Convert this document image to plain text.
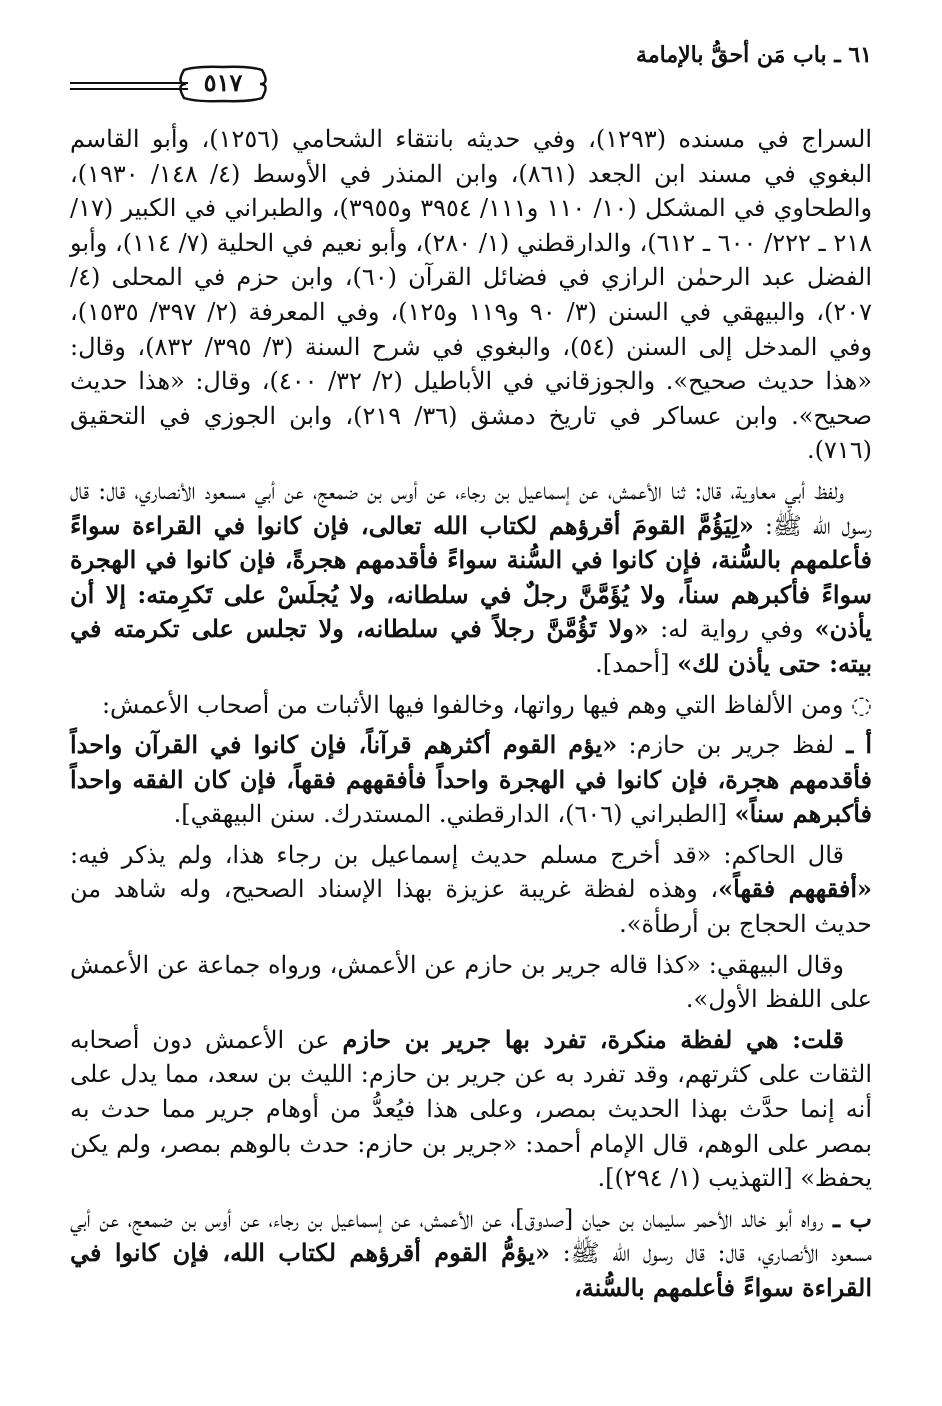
٦١ ـ باب مَن أحقُّ بالإمامة
٥١٧

السراج في مسنده (١٢٩٣)، وفي حديثه بانتقاء الشحامي (١٢٥٦)، وأبو القاسم البغوي في مسند ابن الجعد (٨٦١)، وابن المنذر في الأوسط (٤/ ١٤٨/ ١٩٣٠)، والطحاوي في المشكل (١٠/ ١١٠ و١١١/ ٣٩٥٤ و٣٩٥٥)، والطبراني في الكبير (١٧/ ٢١٨ ـ ٢٢٢/ ٦٠٠ ـ ٦١٢)، والدارقطني (١/ ٢٨٠)، وأبو نعيم في الحلية (٧/ ١١٤)، وأبو الفضل عبد الرحمٰن الرازي في فضائل القرآن (٦٠)، وابن حزم في المحلى (٤/ ٢٠٧)، والبيهقي في السنن (٣/ ٩٠ و١١٩ و١٢٥)، وفي المعرفة (٢/ ٣٩٧/ ١٥٣٥)، وفي المدخل إلى السنن (٥٤)، والبغوي في شرح السنة (٣/ ٣٩٥/ ٨٣٢)، وقال: «هذا حديث صحيح». والجوزقاني في الأباطيل (٢/ ٣٢/ ٤٠٠)، وقال: «هذا حديث صحيح». وابن عساكر في تاريخ دمشق (٣٦/ ٢١٩)، وابن الجوزي في التحقيق (٧١٦).

ولفظ أبي معاوية، قال: ثنا الأعمش، عن إسماعيل بن رجاء، عن أوس بن ضمعج، عن أبي مسعود الأنصاري، قال: قال رسول الله ﷺ: «لِيَؤُمَّ القومَ أقرؤهم لكتاب الله تعالى، فإن كانوا في القراءة سواءً فأعلمهم بالسُّنة، فإن كانوا في السُّنة سواءً فأقدمهم هجرةً، فإن كانوا في الهجرة سواءً فأكبرهم سناً، ولا يُؤَمَّنَّ رجلٌ في سلطانه، ولا يُجلَسْ على تَكرِمته: إلا أن يأذن» وفي رواية له: «ولا تَؤُمَّنَّ رجلاً في سلطانه، ولا تجلس على تكرمته في بيته: حتى يأذن لك» [أحمد].

◌ ومن الألفاظ التي وهم فيها رواتها، وخالفوا فيها الأثبات من أصحاب الأعمش:

أ ـ لفظ جرير بن حازم: «يؤم القوم أكثرهم قرآناً، فإن كانوا في القرآن واحداً فأقدمهم هجرة، فإن كانوا في الهجرة واحداً فأفقههم فقهاً، فإن كان الفقه واحداً فأكبرهم سناً» [الطبراني (٦٠٦)، الدارقطني. المستدرك. سنن البيهقي].

قال الحاكم: «قد أخرج مسلم حديث إسماعيل بن رجاء هذا، ولم يذكر فيه: «أفقههم فقهاً»، وهذه لفظة غريبة عزيزة بهذا الإسناد الصحيح، وله شاهد من حديث الحجاج بن أرطأة».

وقال البيهقي: «كذا قاله جرير بن حازم عن الأعمش، ورواه جماعة عن الأعمش على اللفظ الأول».

قلت: هي لفظة منكرة، تفرد بها جرير بن حازم عن الأعمش دون أصحابه الثقات على كثرتهم، وقد تفرد به عن جرير بن حازم: الليث بن سعد، مما يدل على أنه إنما حدَّث بهذا الحديث بمصر، وعلى هذا فيُعدُّ من أوهام جرير مما حدث به بمصر على الوهم، قال الإمام أحمد: «جرير بن حازم: حدث بالوهم بمصر، ولم يكن يحفظ» [التهذيب (١/ ٢٩٤)].

ب ـ رواه أبو خالد الأحمر سليمان بن حيان [صدوق]، عن الأعمش، عن إسماعيل بن رجاء، عن أوس بن ضمعج، عن أبي مسعود الأنصاري، قال: قال رسول الله ﷺ: «يؤمُّ القوم أقرؤهم لكتاب الله، فإن كانوا في القراءة سواءً فأعلمهم بالسُّنة،
